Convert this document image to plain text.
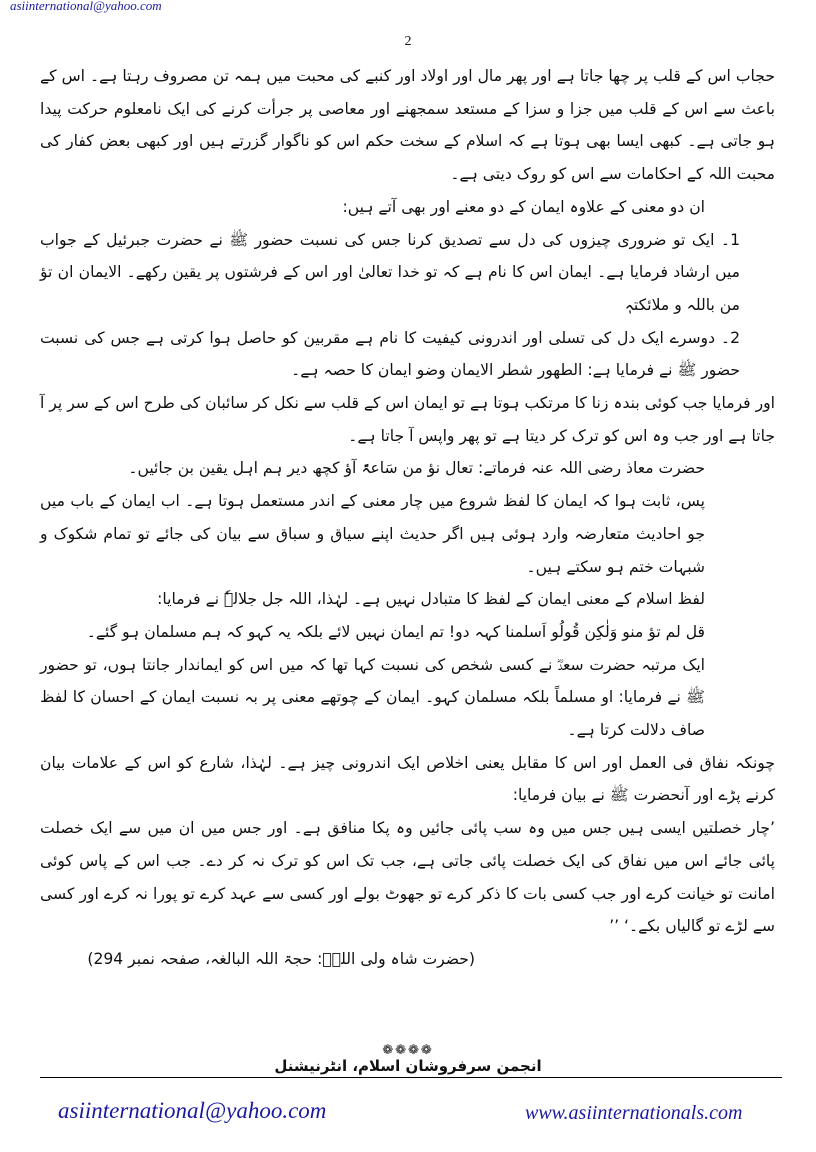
asiinternational@yahoo.com
2

حجاب اس کے قلب پر چھا جاتا ہے اور پھر مال اور اولاد اور کنبے کی محبت میں ہمہ تن مصروف رہتا ہے۔ اس کے باعث سے اس کے قلب میں جزا و سزا کے مستعد سمجھنے اور معاصی پر جرأت کرنے کی ایک نامعلوم حرکت پیدا ہو جاتی ہے۔ کبھی ایسا بھی ہوتا ہے کہ اسلام کے سخت حکم اس کو ناگوار گزرتے ہیں اور کبھی بعض کفار کی محبت اللہ کے احکامات سے اس کو روک دیتی ہے۔

ان دو معنی کے علاوہ ایمان کے دو معنے اور بھی آتے ہیں:

1۔ ایک تو ضروری چیزوں کی دل سے تصدیق کرنا جس کی نسبت حضور ﷺ نے حضرت جبرئیل کے جواب میں ارشاد فرمایا ہے۔ ایمان اس کا نام ہے کہ تو خدا تعالیٰ اور اس کے فرشتوں پر یقین رکھے۔ الایمان ان تؤ من باللہ و ملائکتہٖ

2۔ دوسرے ایک دل کی تسلی اور اندرونی کیفیت کا نام ہے مقربین کو حاصل ہوا کرتی ہے جس کی نسبت حضور ﷺ نے فرمایا ہے: الطھور شطر الایمان وضو ایمان کا حصہ ہے۔

اور فرمایا جب کوئی بندہ زنا کا مرتکب ہوتا ہے تو ایمان اس کے قلب سے نکل کر سائبان کی طرح اس کے سر پر آ جاتا ہے اور جب وہ اس کو ترک کر دیتا ہے تو پھر واپس آ جاتا ہے۔

حضرت معاذ رضی اللہ عنہ فرماتے: تعال نؤ من سَاعۃً آؤ کچھ دیر ہم اہل یقین بن جائیں۔

پس، ثابت ہوا کہ ایمان کا لفظ شروع میں چار معنی کے اندر مستعمل ہوتا ہے۔ اب ایمان کے باب میں جو احادیث متعارضہ وارد ہوئی ہیں اگر حدیث اپنے سیاق و سباق سے بیان کی جائے تو تمام شکوک و شبہات ختم ہو سکتے ہیں۔

لفظ اسلام کے معنی ایمان کے لفظ کا متبادل نہیں ہے۔ لہٰذا، اللہ جل جلالہٗ نے فرمایا:

قل لم تؤ منو وَلٰکِن قُولُو اَسلمنا کہہ دو! تم ایمان نہیں لائے بلکہ یہ کہو کہ ہم مسلمان ہو گئے۔

ایک مرتبہ حضرت سعدؓ نے کسی شخص کی نسبت کہا تھا کہ میں اس کو ایماندار جانتا ہوں، تو حضور ﷺ نے فرمایا: او مسلماً بلکہ مسلمان کہو۔ ایمان کے چوتھے معنی پر بہ نسبت ایمان کے احسان کا لفظ صاف دلالت کرتا ہے۔

چونکہ نفاق فی العمل اور اس کا مقابل یعنی اخلاص ایک اندرونی چیز ہے۔ لہٰذا، شارع کو اس کے علامات بیان کرنے پڑے اور آنحضرت ﷺ نے بیان فرمایا:

’چار خصلتیں ایسی ہیں جس میں وہ سب پائی جائیں وہ پکا منافق ہے۔ اور جس میں ان میں سے ایک خصلت پائی جائے اس میں نفاق کی ایک خصلت پائی جاتی ہے، جب تک اس کو ترک نہ کر دے۔ جب اس کے پاس کوئی امانت تو خیانت کرے اور جب کسی بات کا ذکر کرے تو جھوٹ بولے اور کسی سے عہد کرے تو پورا نہ کرے اور کسی سے لڑے تو گالیاں بکے۔‘ ’’

(حضرت شاہ ولی اللہؒ: حجۃ اللہ البالغہ، صفحہ نمبر 294)

❁❁❁❁
انجمن سرفروشان اسلام، انٹرنیشنل
asiinternational@yahoo.com	www.asiinternationals.com
